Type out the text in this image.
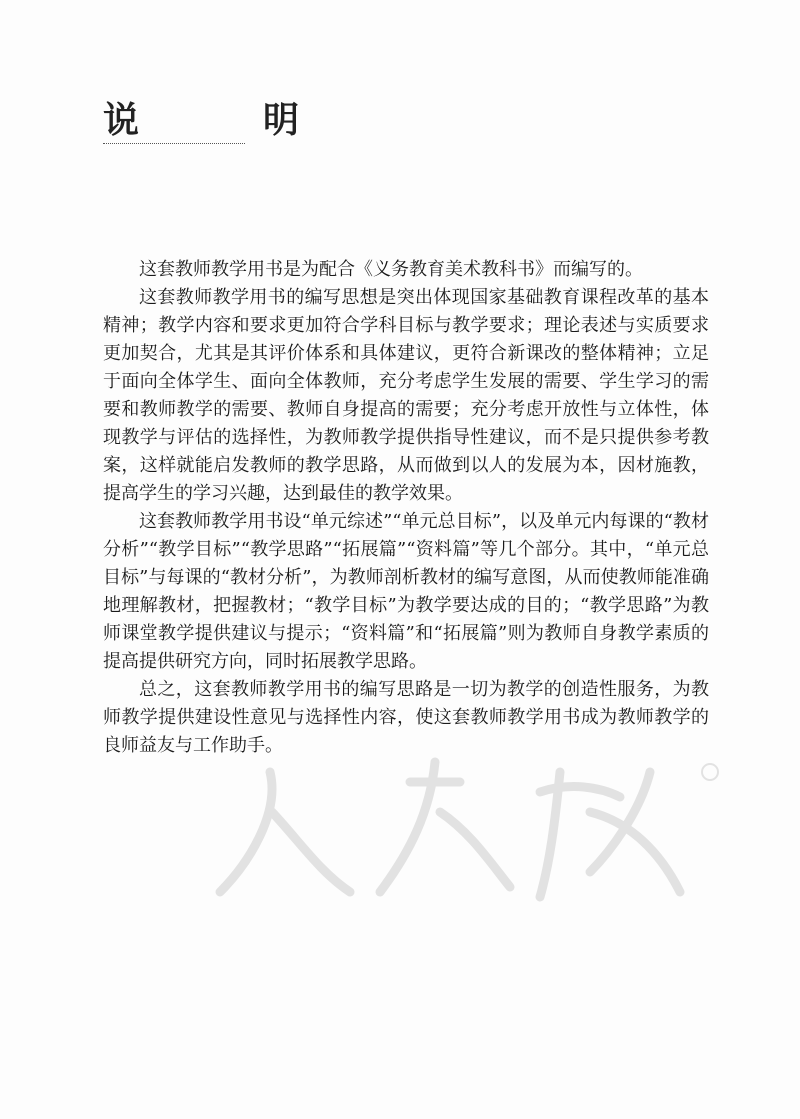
说　明

这套教师教学用书是为配合《义务教育美术教科书》而编写的。

这套教师教学用书的编写思想是突出体现国家基础教育课程改革的基本精神；教学内容和要求更加符合学科目标与教学要求；理论表述与实质要求更加契合，尤其是其评价体系和具体建议，更符合新课改的整体精神；立足于面向全体学生、面向全体教师，充分考虑学生发展的需要、学生学习的需要和教师教学的需要、教师自身提高的需要；充分考虑开放性与立体性，体现教学与评估的选择性，为教师教学提供指导性建议，而不是只提供参考教案，这样就能启发教师的教学思路，从而做到以人的发展为本，因材施教，提高学生的学习兴趣，达到最佳的教学效果。

这套教师教学用书设“单元综述”“单元总目标”，以及单元内每课的“教材分析”“教学目标”“教学思路”“拓展篇”“资料篇”等几个部分。其中，“单元总目标”与每课的“教材分析”，为教师剖析教材的编写意图，从而使教师能准确地理解教材，把握教材；“教学目标”为教学要达成的目的；“教学思路”为教师课堂教学提供建议与提示；“资料篇”和“拓展篇”则为教师自身教学素质的提高提供研究方向，同时拓展教学思路。

总之，这套教师教学用书的编写思路是一切为教学的创造性服务，为教师教学提供建设性意见与选择性内容，使这套教师教学用书成为教师教学的良师益友与工作助手。
